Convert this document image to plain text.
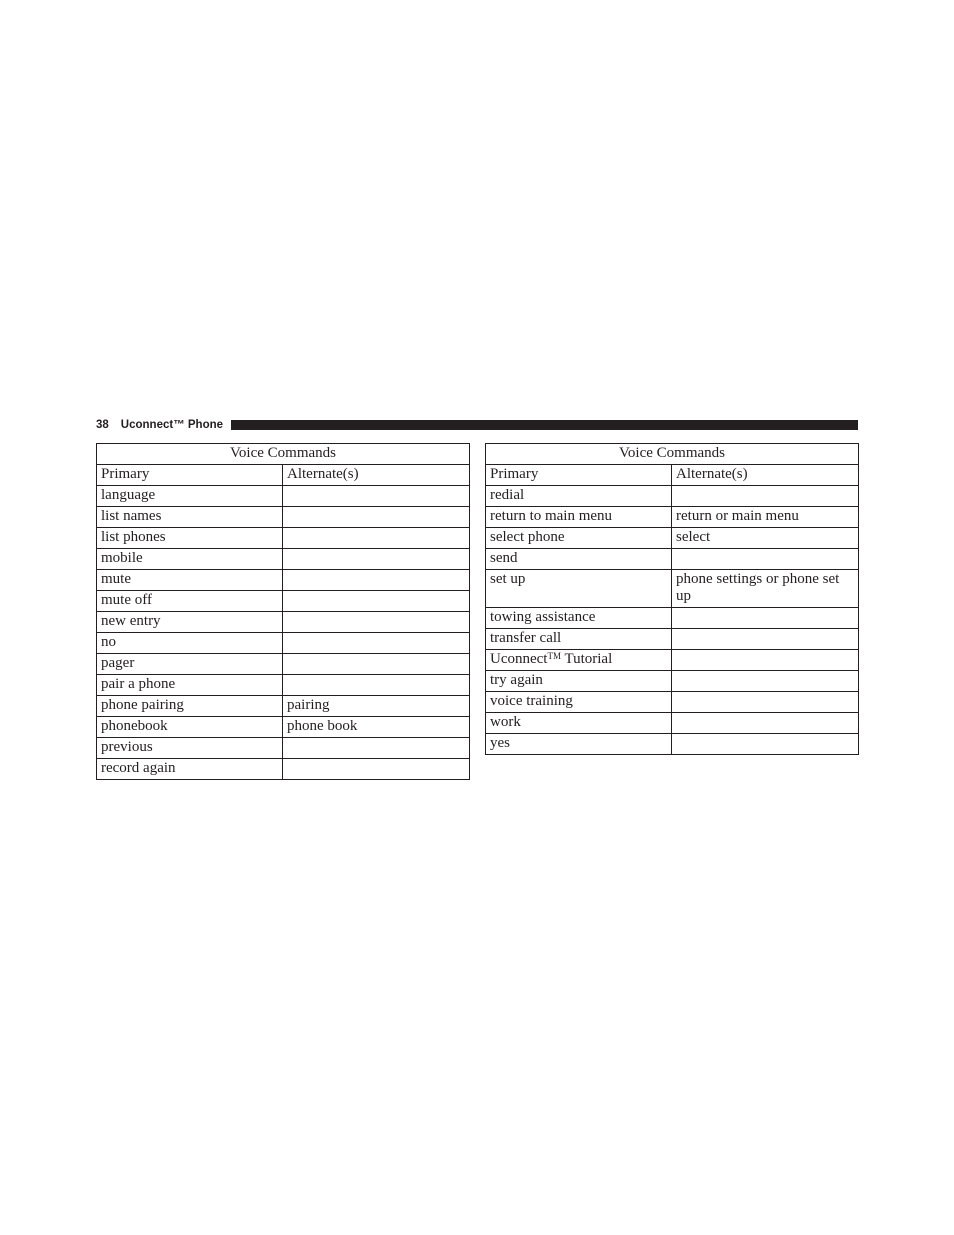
38 Uconnect™ Phone
Voice Commands	
Primary	Alternate(s)
language	
list names	
list phones	
mobile	
mute	
mute off	
new entry	
no	
pager	
pair a phone	
phone pairing	pairing
phonebook	phone book
previous	
record again	
Voice Commands	
Primary	Alternate(s)
redial	
return to main menu	return or main menu
select phone	select
send	
set up	phone settings or phone set up
towing assistance	
transfer call	
Uconnect™ Tutorial	
try again	
voice training	
work	
yes	
